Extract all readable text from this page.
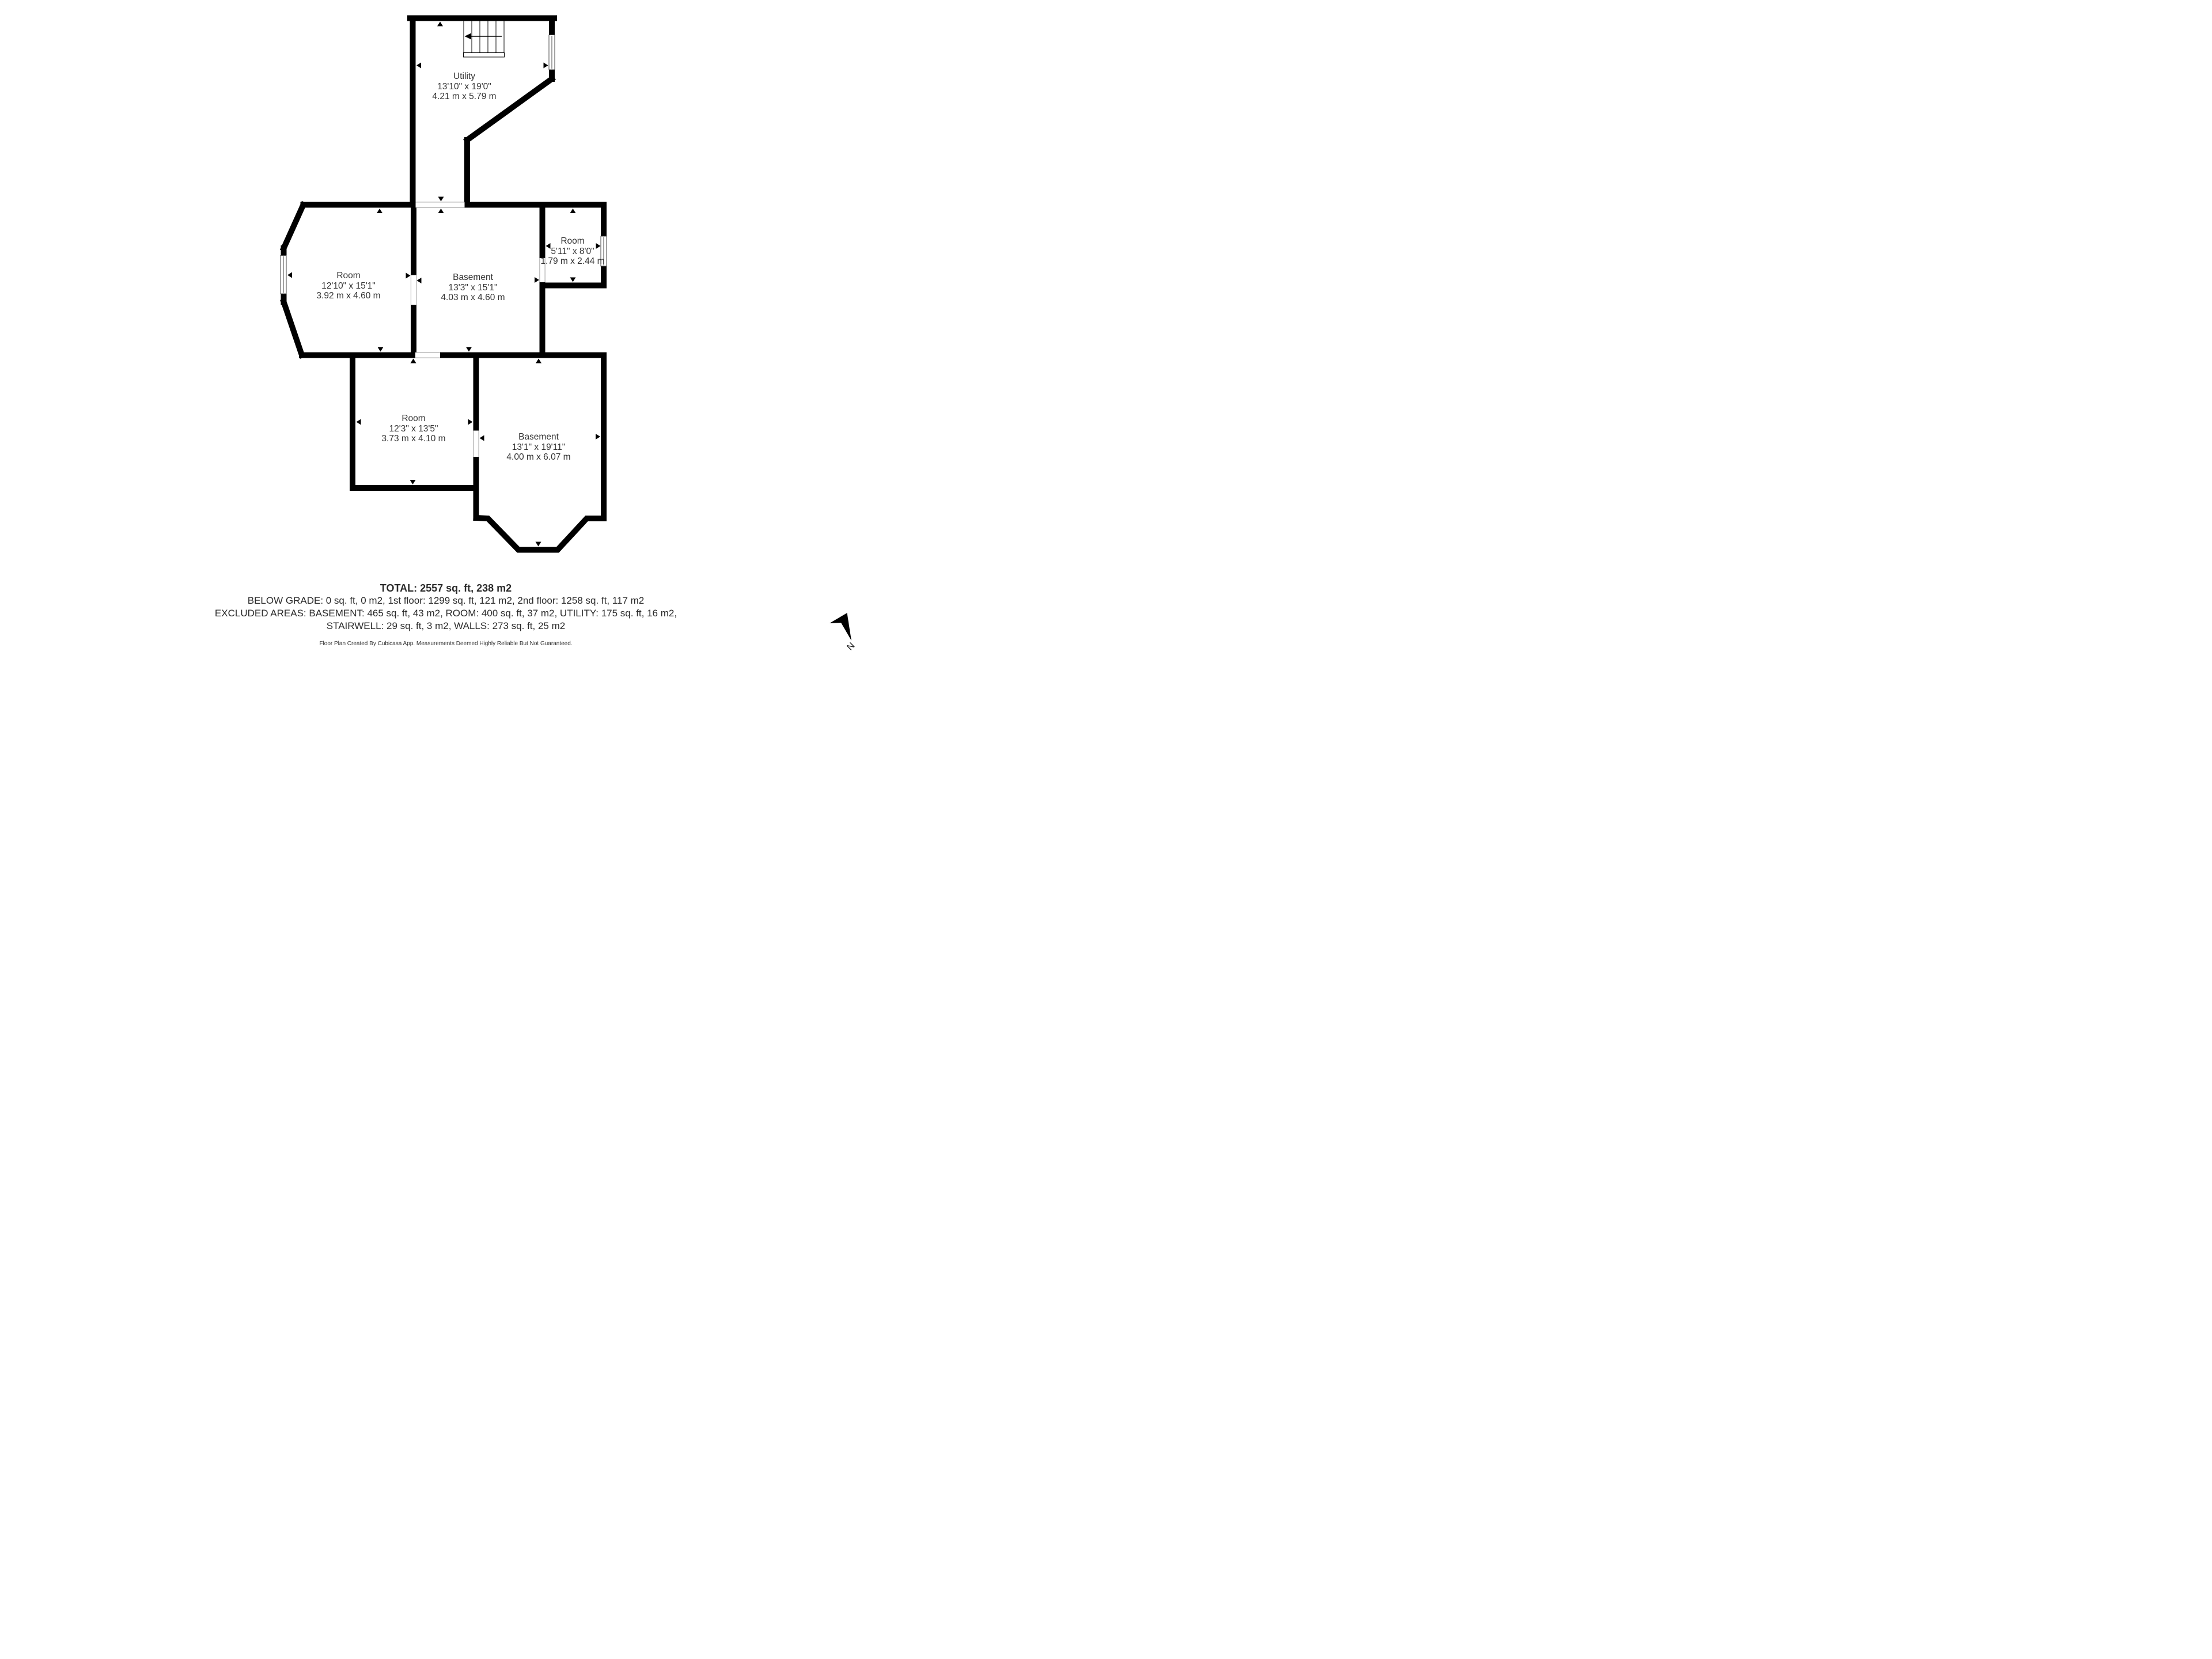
Utility
13'10" x 19'0"
4.21 m x 5.79 m
Room
12'10" x 15'1"
3.92 m x 4.60 m
Basement
13'3" x 15'1"
4.03 m x 4.60 m
Room
5'11" x 8'0"
1.79 m x 2.44 m
Room
12'3" x 13'5"
3.73 m x 4.10 m	Basement
13'1" x 19'11"
4.00 m x 6.07 m
TOTAL: 2557 sq. ft, 238 m2
BELOW GRADE: 0 sq. ft, 0 m2, 1st floor: 1299 sq. ft, 121 m2, 2nd floor: 1258 sq. ft, 117 m2
EXCLUDED AREAS: BASEMENT: 465 sq. ft, 43 m2, ROOM: 400 sq. ft, 37 m2, UTILITY: 175 sq. ft, 16 m2,
STAIRWELL: 29 sq. ft, 3 m2, WALLS: 273 sq. ft, 25 m2
Floor Plan Created By Cubicasa App. Measurements Deemed Highly Reliable But Not Guaranteed.	N
